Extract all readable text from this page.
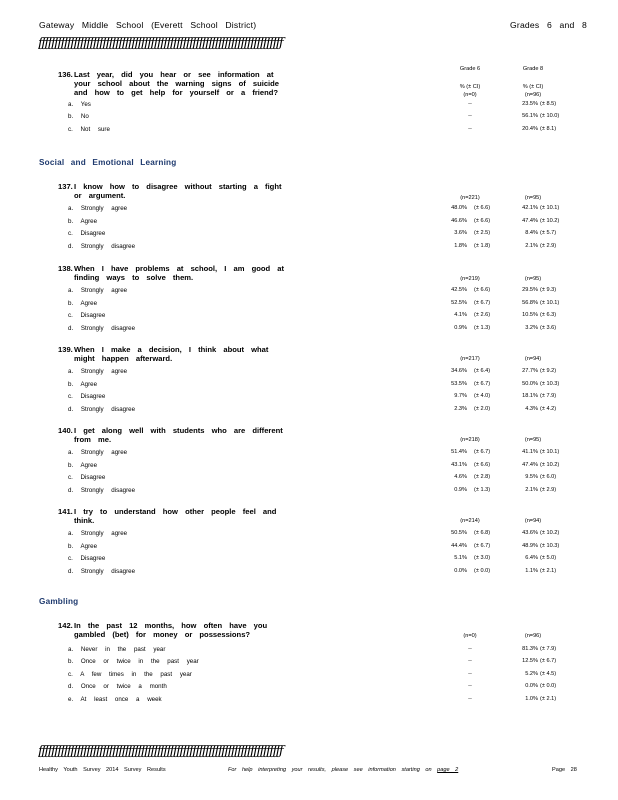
Gateway Middle School (Everett School District)	Grades 6 and 8
ƒƒƒƒƒƒƒƒƒƒƒƒƒƒƒƒƒƒƒƒƒƒƒƒƒƒƒƒƒƒƒƒƒƒƒƒƒƒƒƒƒƒƒƒƒƒƒƒƒƒƒƒƒƒƒƒƒƒƒƒƒƒƒƒƒƒƒƒƒƒƒƒƒƒƒƒ
Grade 6	Grade 8
% (± CI)	% (± CI)
Social and Emotional Learning
Gambling
136. Last year, did you hear or see information at
your school about the warning signs of suicide
and how to get help for yourself or a friend?	(n=0)	(n=96)
a. Yes	--	23.5% (± 8.5)
b. No	--	56.1% (± 10.0)
c. Not sure	--	20.4% (± 8.1)
137. I know how to disagree without starting a fight
or argument.	(n=221)	(n=95)
a. Strongly agree	48.0% (± 6.6)	42.1% (± 10.1)
b. Agree	46.6% (± 6.6)	47.4% (± 10.2)
c. Disagree	3.6% (± 2.5)	8.4% (± 5.7)
d. Strongly disagree	1.8% (± 1.8)	2.1% (± 2.9)
138. When I have problems at school, I am good at
finding ways to solve them.	(n=219)	(n=95)
a. Strongly agree	42.5% (± 6.6)	29.5% (± 9.3)
b. Agree	52.5% (± 6.7)	56.8% (± 10.1)
c. Disagree	4.1% (± 2.6)	10.5% (± 6.3)
d. Strongly disagree	0.9% (± 1.3)	3.2% (± 3.6)
139. When I make a decision, I think about what
might happen afterward.	(n=217)	(n=94)
a. Strongly agree	34.6% (± 6.4)	27.7% (± 9.2)
b. Agree	53.5% (± 6.7)	50.0% (± 10.3)
c. Disagree	9.7% (± 4.0)	18.1% (± 7.9)
d. Strongly disagree	2.3% (± 2.0)	4.3% (± 4.2)
140. I get along well with students who are different
from me.	(n=218)	(n=95)
a. Strongly agree	51.4% (± 6.7)	41.1% (± 10.1)
b. Agree	43.1% (± 6.6)	47.4% (± 10.2)
c. Disagree	4.6% (± 2.8)	9.5% (± 6.0)
d. Strongly disagree	0.9% (± 1.3)	2.1% (± 2.9)
141. I try to understand how other people feel and
think.	(n=214)	(n=94)
a. Strongly agree	50.5% (± 6.8)	43.6% (± 10.2)
b. Agree	44.4% (± 6.7)	48.9% (± 10.3)
c. Disagree	5.1% (± 3.0)	6.4% (± 5.0)
d. Strongly disagree	0.0% (± 0.0)	1.1% (± 2.1)
142. In the past 12 months, how often have you
gambled (bet) for money or possessions?	(n=0)	(n=96)
a. Never in the past year	--	81.3% (± 7.9)
b. Once or twice in the past year	--	12.5% (± 6.7)
c. A few times in the past year	--	5.2% (± 4.5)
d. Once or twice a month	--	0.0% (± 0.0)
e. At least once a week	--	1.0% (± 2.1)
ƒƒƒƒƒƒƒƒƒƒƒƒƒƒƒƒƒƒƒƒƒƒƒƒƒƒƒƒƒƒƒƒƒƒƒƒƒƒƒƒƒƒƒƒƒƒƒƒƒƒƒƒƒƒƒƒƒƒƒƒƒƒƒƒƒƒƒƒƒƒƒƒƒƒƒƒ
Healthy Youth Survey 2014 Survey Results	For help interpreting your results, please see information starting on page 2	Page 28
